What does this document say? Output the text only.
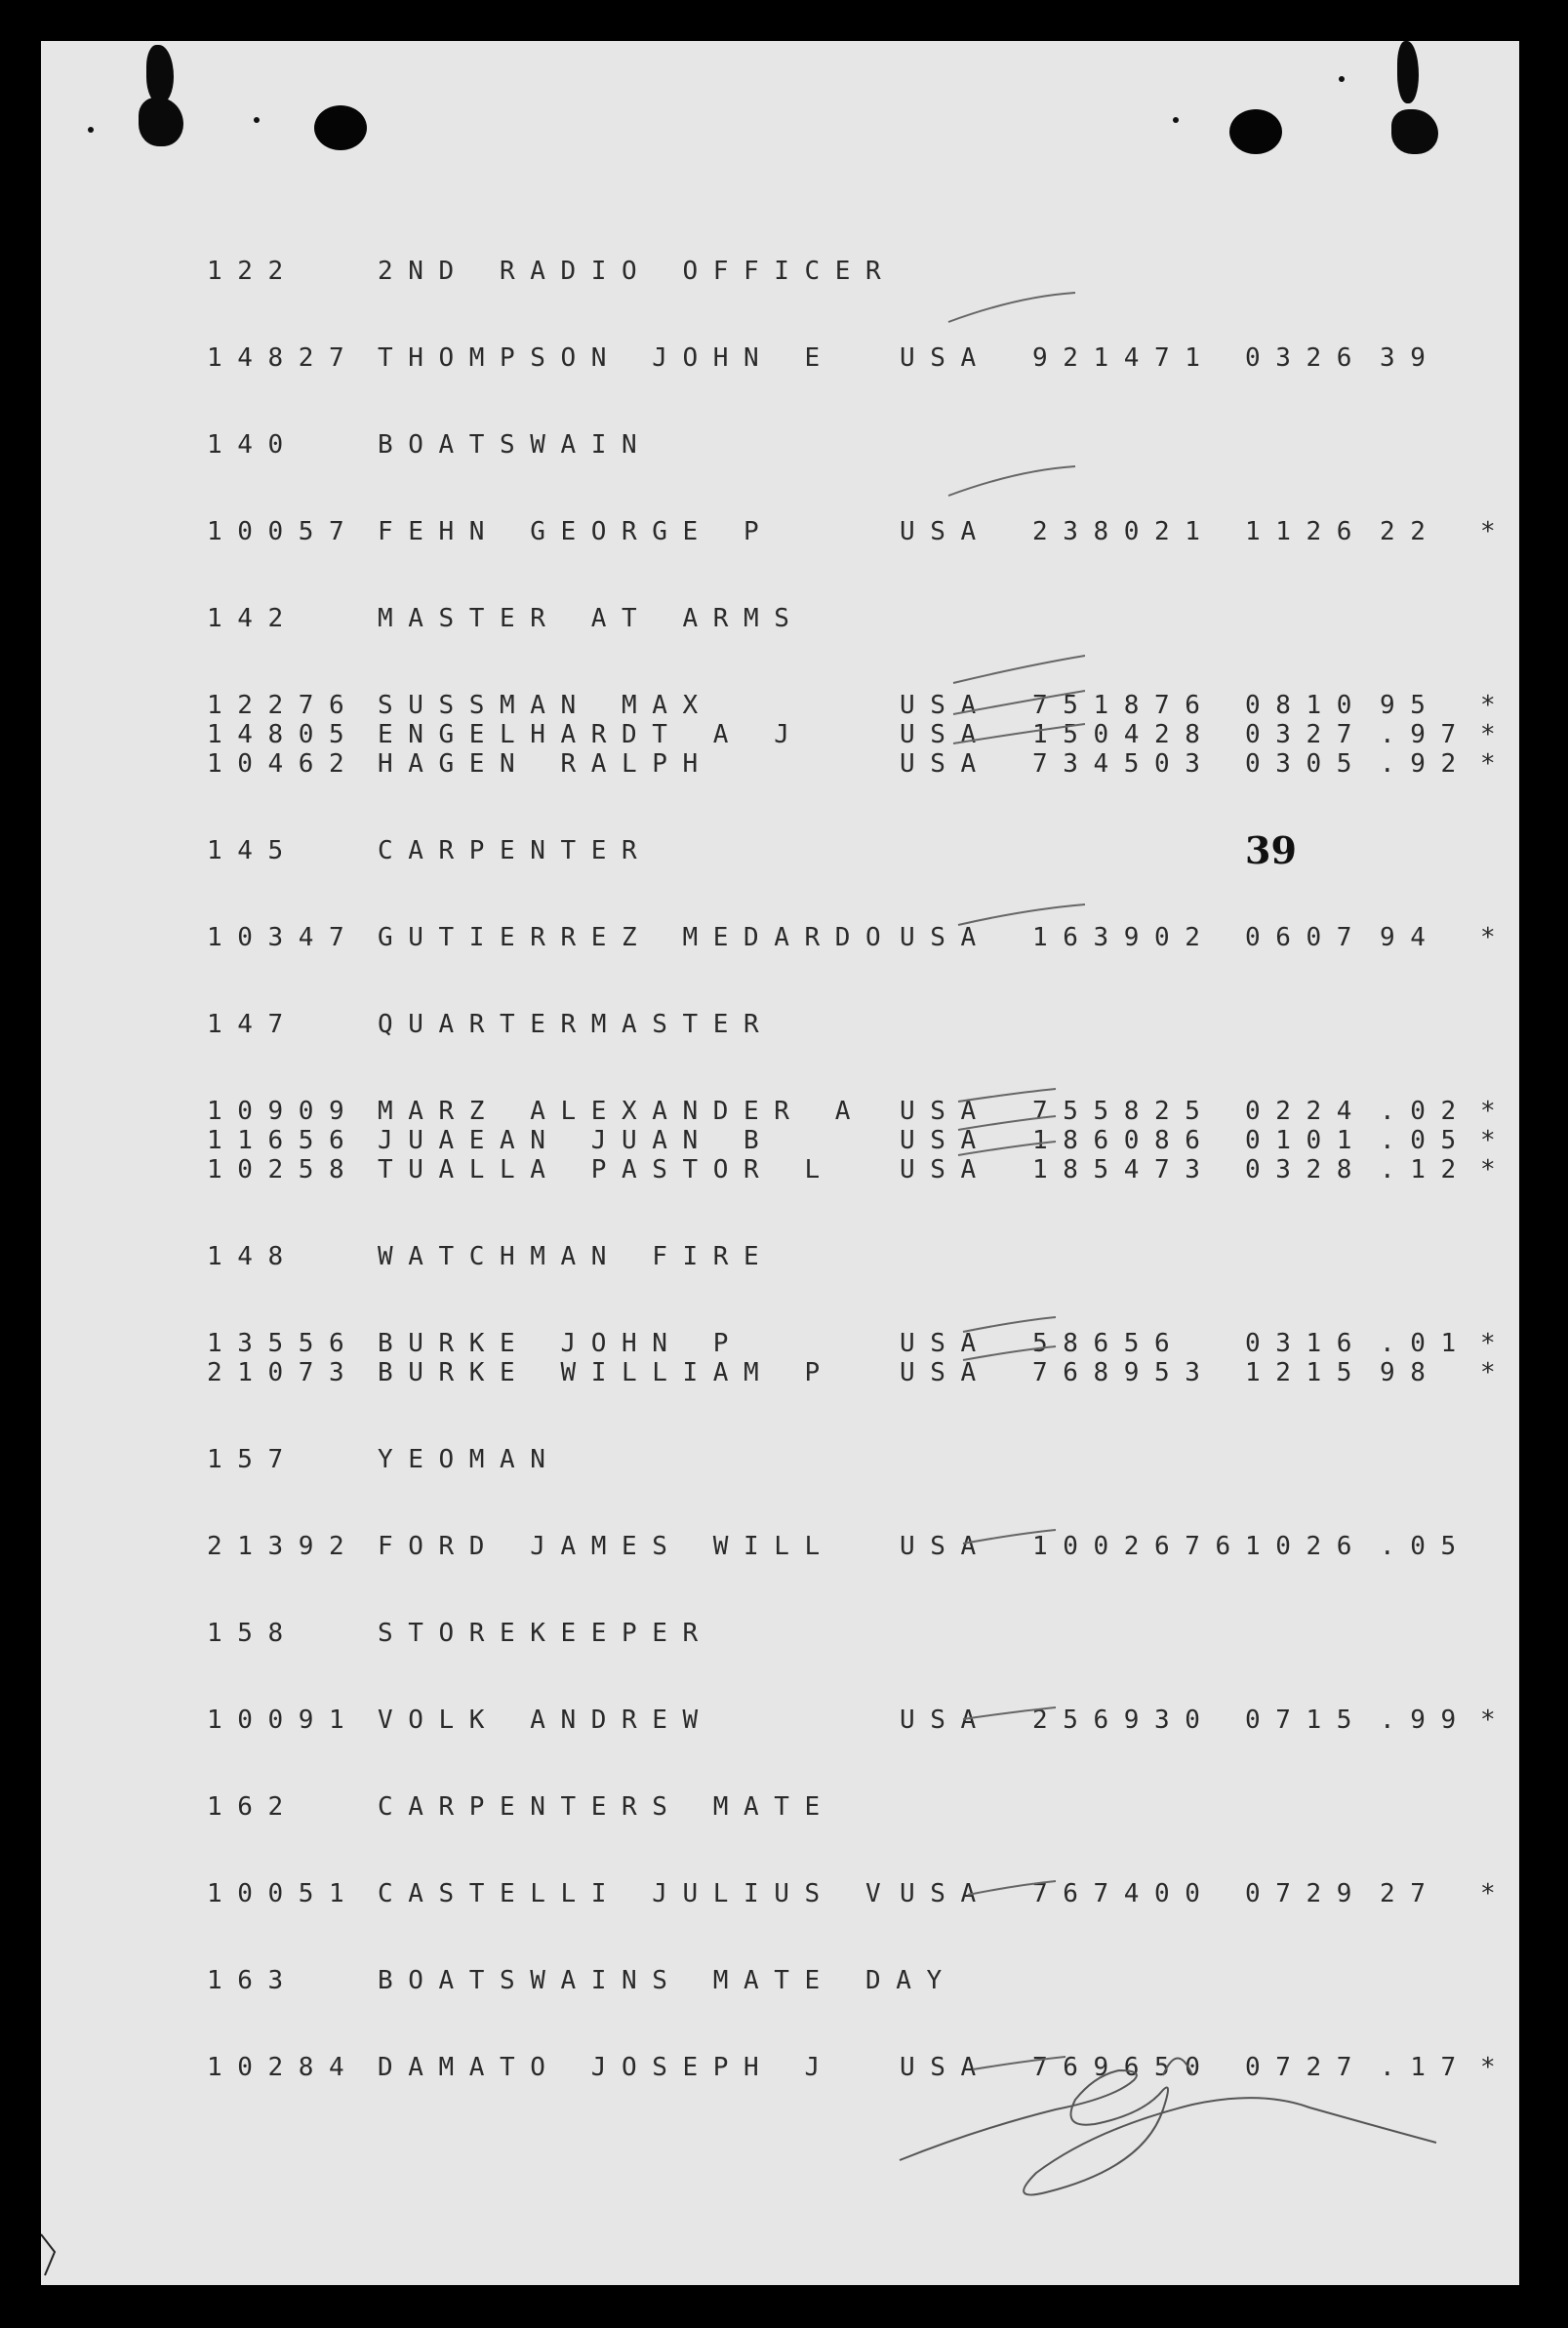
39
122	2ND RADIO OFFICER
14827 THOMPSON JOHN E	USA 921471 0326 39
140	BOATSWAIN
10057 FEHN GEORGE P	USA 238021 1126 22 *
142	MASTER AT ARMS
12276 SUSSMAN MAX	USA 751876 0810 95 *
14805 ENGELHARDT A J	USA 150428 0327 .97 *
10462 HAGEN RALPH	USA 734503 0305 .92 *
145	CARPENTER
10347 GUTIERREZ MEDARDO USA 163902 0607 94 *
147	QUARTERMASTER
10909 MARZ ALEXANDER A USA 755825 0224 .02 *
11656 JUAEAN JUAN B	USA 186086 0101 .05 *
10258 TUALLA PASTOR L	USA 185473 0328 .12 *
148	WATCHMAN FIRE
13556 BURKE JOHN P	USA 58656 0316 .01 *
21073 BURKE WILLIAM P	USA 768953 1215 98 *
157	YEOMAN
21392 FORD JAMES WILL	USA 1002676 1026 .05
158	STOREKEEPER
10091 VOLK ANDREW	USA 256930 0715 .99 *
162	CARPENTERS MATE
10051 CASTELLI JULIUS V USA 767400 0729 27 *
163	BOATSWAINS MATE DAY
10284 DAMATO JOSEPH J	USA 769650 0727 .17 *
